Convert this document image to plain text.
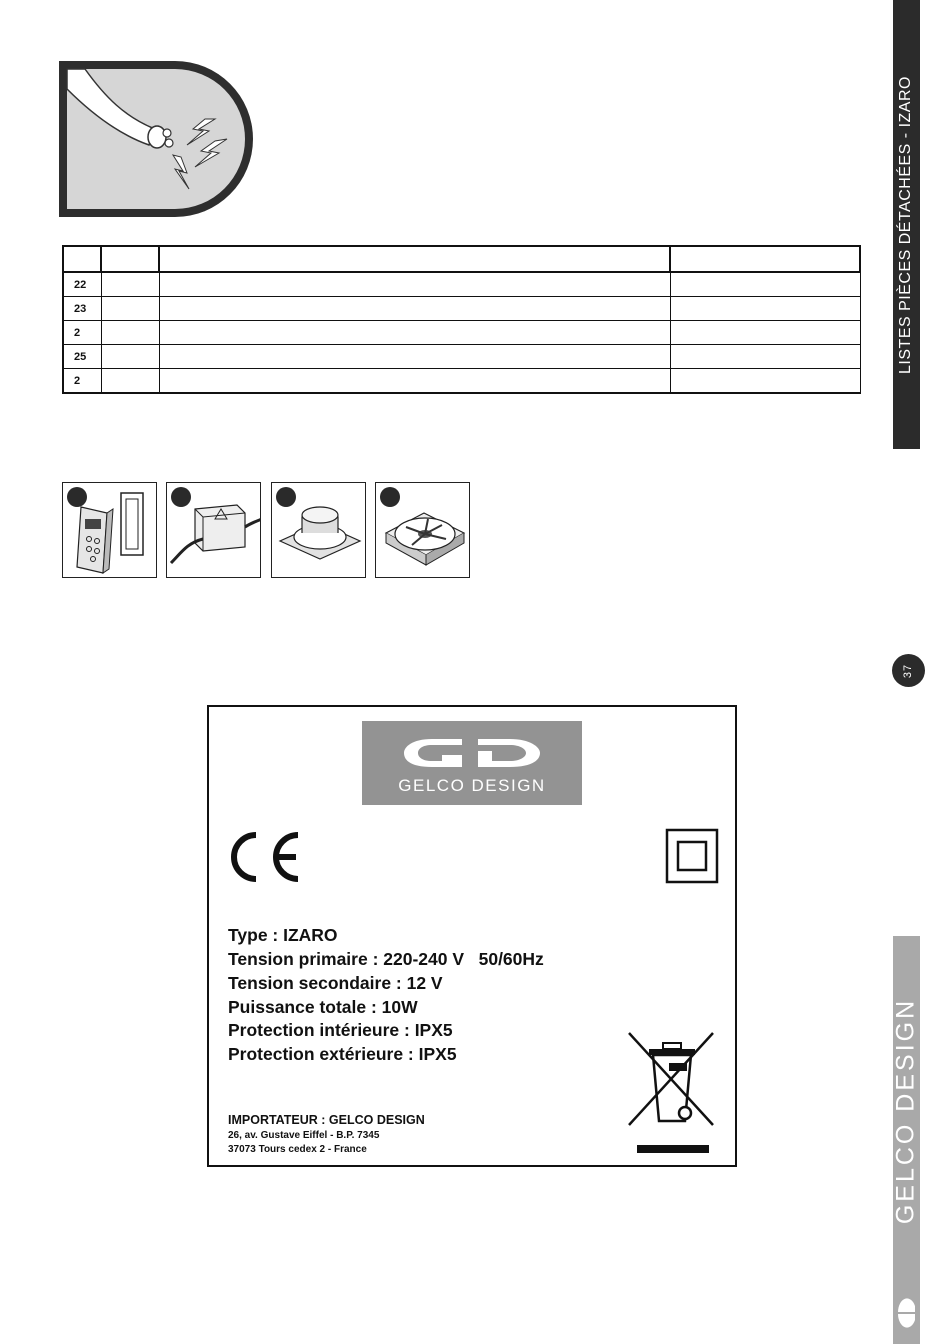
22			
23			
2			
25			
2			
LISTES PIÈCES DÉTACHÉES - IZARO
37
GELCO DESIGN
GELCO DESIGN
Type : IZARO
Tension primaire : 220-240 V   50/60Hz
Tension secondaire : 12 V
Puissance totale : 10W
Protection intérieure : IPX5
Protection extérieure : IPX5
IMPORTATEUR : GELCO DESIGN
26, av. Gustave Eiffel - B.P. 7345
37073 Tours cedex 2 - France
